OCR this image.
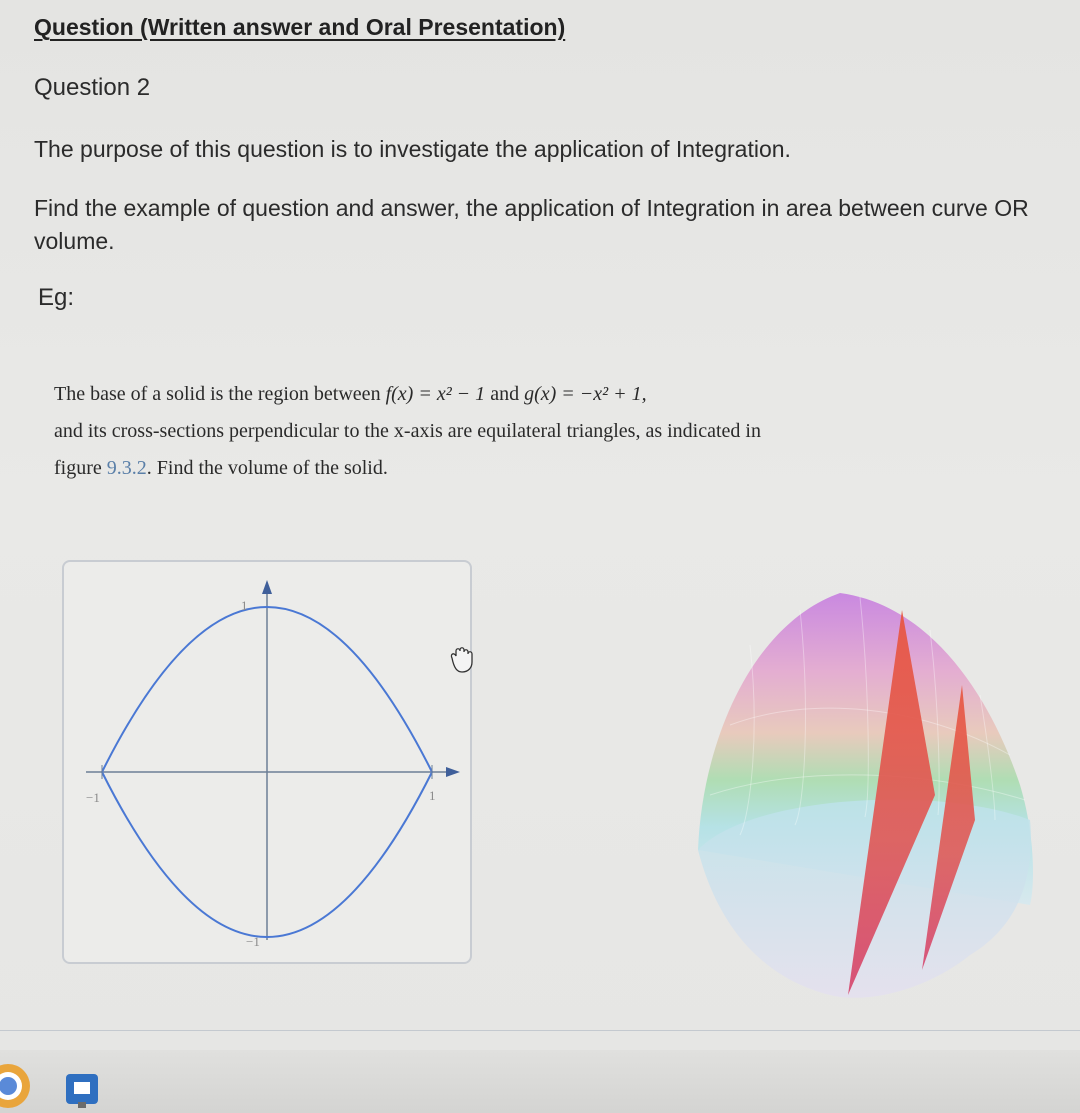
Question (Written answer and Oral Presentation)
Question 2
The purpose of this question is to investigate the application of Integration.
Find the example of question and answer, the application of Integration in area between curve OR volume.
Eg:
The base of a solid is the region between f(x) = x² − 1 and g(x) = −x² + 1,
and its cross-sections perpendicular to the x-axis are equilateral triangles, as indicated in
figure 9.3.2. Find the volume of the solid.
1
−1
−1	1
